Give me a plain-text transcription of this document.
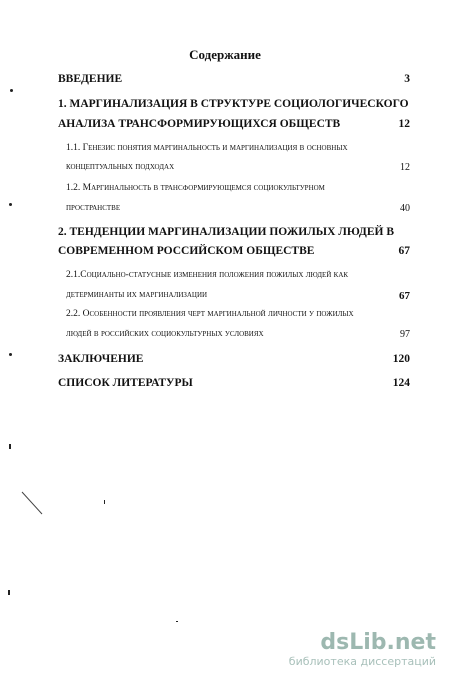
Содержание
ВВЕДЕНИЕ	3
1. МАРГИНАЛИЗАЦИЯ В СТРУКТУРЕ СОЦИОЛОГИЧЕСКОГО
АНАЛИЗА ТРАНСФОРМИРУЮЩИХСЯ ОБЩЕСТВ	12
1.1. Генезис понятия маргинальность и маргинализация в основных
концептуальных подходах	12
1.2. Маргинальность в трансформирующемся социокультурном
пространстве	40
2. ТЕНДЕНЦИИ МАРГИНАЛИЗАЦИИ ПОЖИЛЫХ ЛЮДЕЙ В
СОВРЕМЕННОМ РОССИЙСКОМ ОБЩЕСТВЕ	67
2.1.Социально-статусные изменения положения пожилых людей как
детерминанты их маргинализации	67
2.2. Особенности проявления черт маргинальной личности у пожилых
людей в российских социокультурных условиях	97
ЗАКЛЮЧЕНИЕ	120
СПИСОК ЛИТЕРАТУРЫ	124
dsLib.net
библиотека диссертаций
